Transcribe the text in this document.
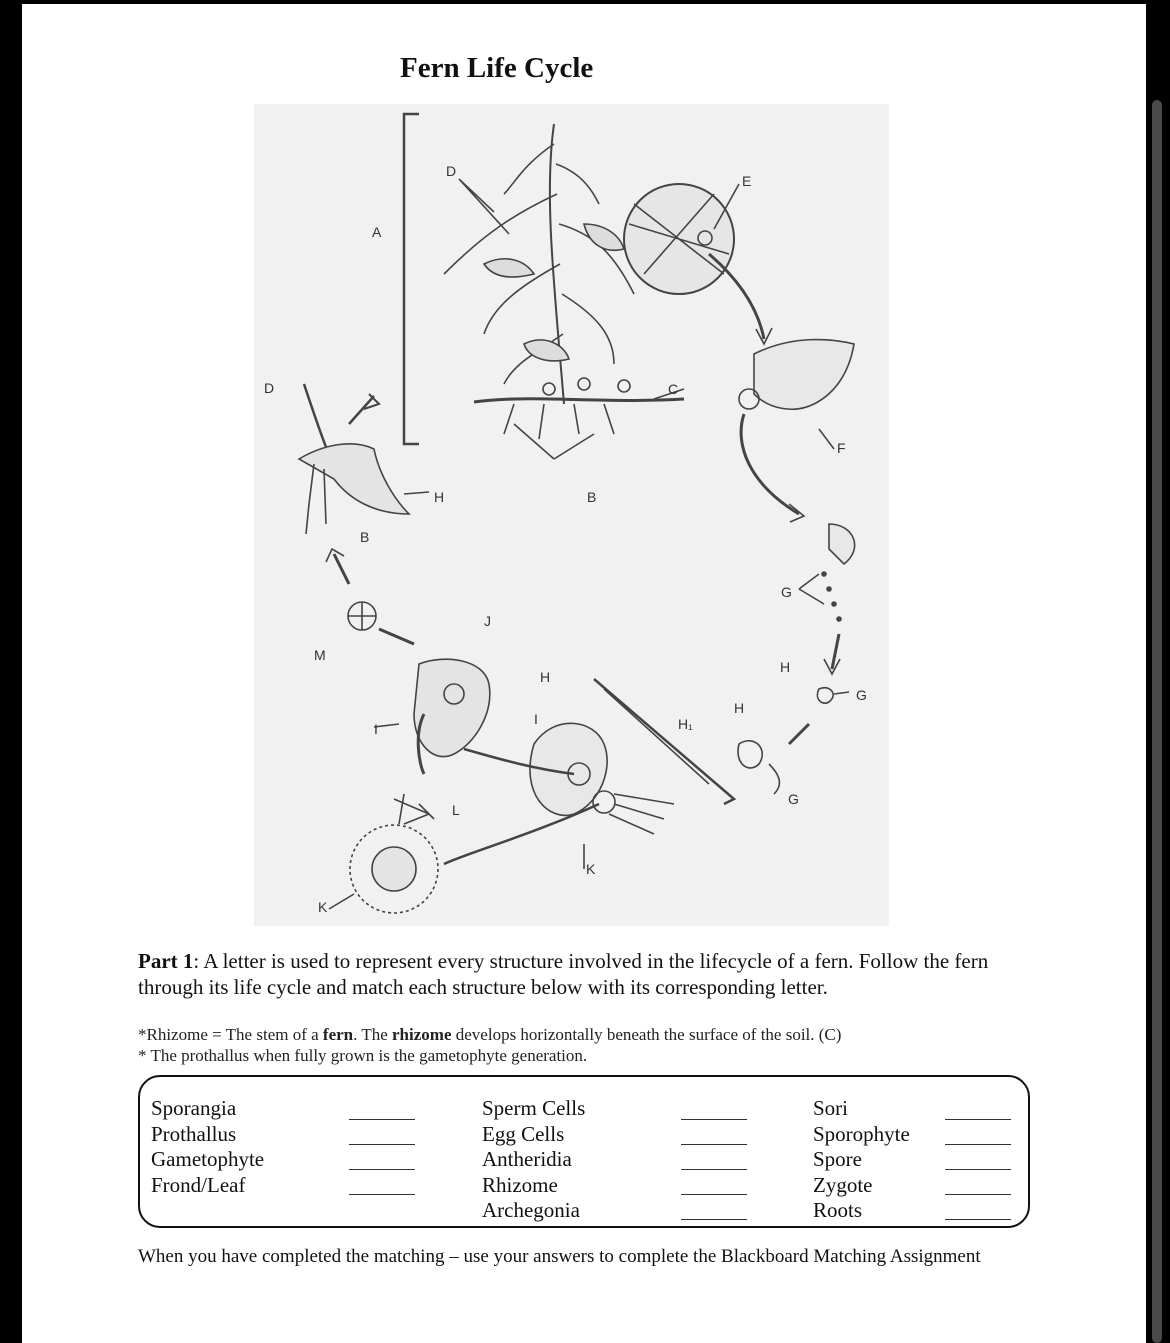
Fern Life Cycle
A
D
E
C
F
D
H	B
B
G
J
M
H
H
G
H
I
I	H₁
G
L
K
K
Part 1: A letter is used to represent every structure involved in the lifecycle of a fern. Follow the fern through its life cycle and match each structure below with its corresponding letter.
*Rhizome = The stem of a fern. The rhizome develops horizontally beneath the surface of the soil. (C)
* The prothallus when fully grown is the gametophyte generation.
Sporangia
Prothallus
Gametophyte
Frond/Leaf
Sperm Cells
Egg Cells
Antheridia
Rhizome
Archegonia
Sori
Sporophyte
Spore
Zygote
Roots
When you have completed the matching – use your answers to complete the Blackboard Matching Assignment
